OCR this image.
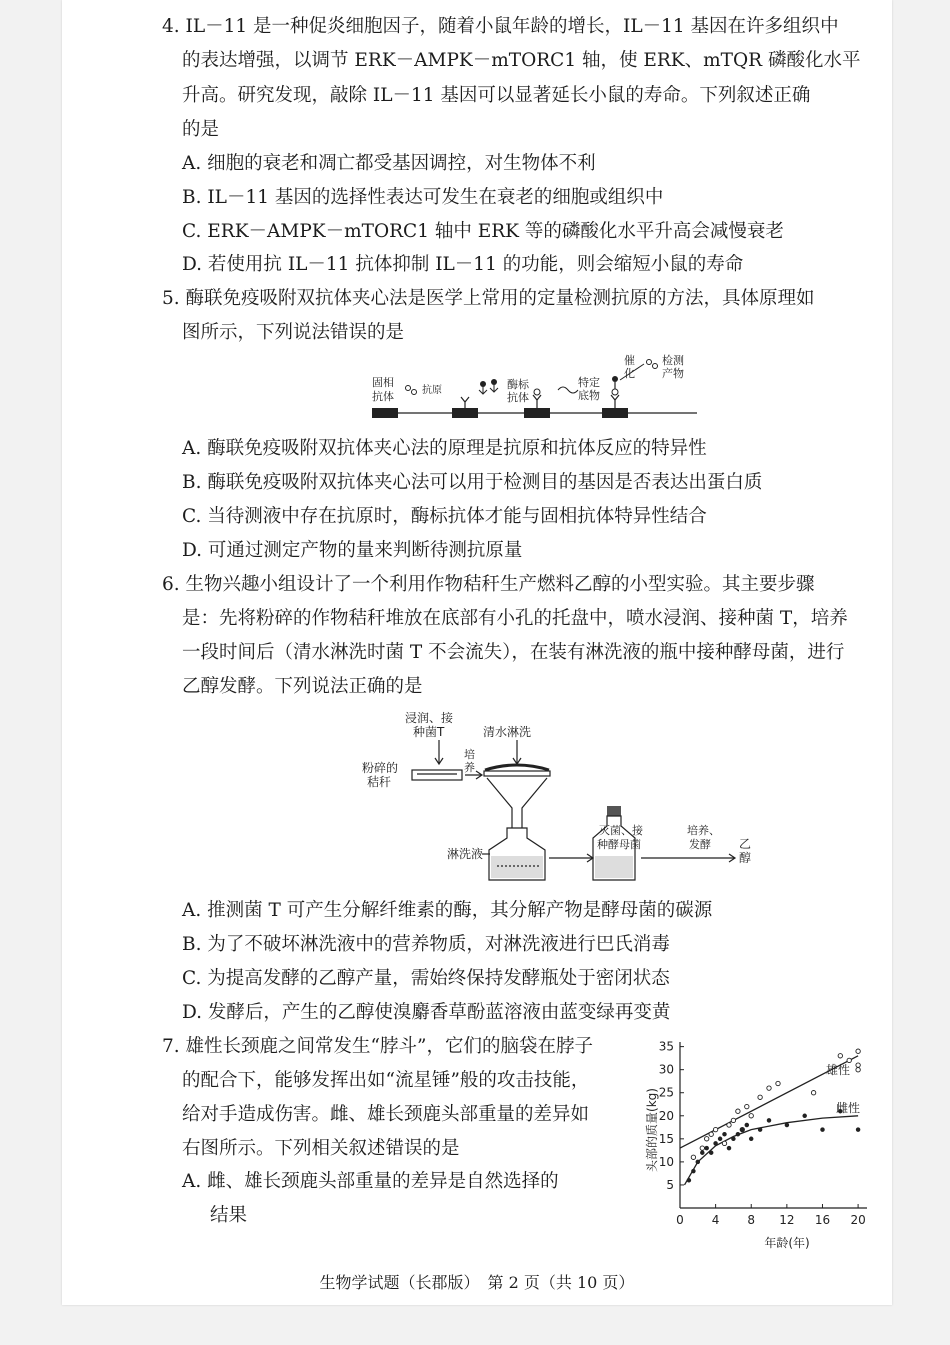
4. IL－11 是一种促炎细胞因子，随着小鼠年龄的增长，IL－11 基因在许多组织中
的表达增强，以调节 ERK－AMPK－mTORC1 轴，使 ERK、mTQR 磷酸化水平
升高。研究发现，敲除 IL－11 基因可以显著延长小鼠的寿命。下列叙述正确
的是
A. 细胞的衰老和凋亡都受基因调控，对生物体不利
B. IL－11 基因的选择性表达可发生在衰老的细胞或组织中
C. ERK－AMPK－mTORC1 轴中 ERK 等的磷酸化水平升高会减慢衰老
D. 若使用抗 IL－11 抗体抑制 IL－11 的功能，则会缩短小鼠的寿命
5. 酶联免疫吸附双抗体夹心法是医学上常用的定量检测抗原的方法，具体原理如
图所示，下列说法错误的是
固相
抗体	抗原	酶标
抗体
特定
底物
催
化
检测
产物
A. 酶联免疫吸附双抗体夹心法的原理是抗原和抗体反应的特异性
B. 酶联免疫吸附双抗体夹心法可以用于检测目的基因是否表达出蛋白质
C. 当待测液中存在抗原时，酶标抗体才能与固相抗体特异性结合
D. 可通过测定产物的量来判断待测抗原量
6. 生物兴趣小组设计了一个利用作物秸秆生产燃料乙醇的小型实验。其主要步骤
是：先将粉碎的作物秸秆堆放在底部有小孔的托盘中，喷水浸润、接种菌 T，培养
一段时间后（清水淋洗时菌 T 不会流失），在装有淋洗液的瓶中接种酵母菌，进行
乙醇发酵。下列说法正确的是
浸润、接
种菌T	清水淋洗
粉碎的
秸秆
培
养
淋洗液
灭菌、接
种酵母菌
培养、
发酵 乙
醇
A. 推测菌 T 可产生分解纤维素的酶，其分解产物是酵母菌的碳源
B. 为了不破坏淋洗液中的营养物质，对淋洗液进行巴氏消毒
C. 为提高发酵的乙醇产量，需始终保持发酵瓶处于密闭状态
D. 发酵后，产生的乙醇使溴麝香草酚蓝溶液由蓝变绿再变黄
7. 雄性长颈鹿之间常发生“脖斗”，它们的脑袋在脖子
的配合下，能够发挥出如“流星锤”般的攻击技能，
给对手造成伤害。雌、雄长颈鹿头部重量的差异如
右图所示。下列相关叙述错误的是
A. 雌、雄长颈鹿头部重量的差异是自然选择的
结果	0 4 8 12 16 20
5
10
15
20
25
30
35
头部的质量(kg)
年龄(年)
雄性
雌性
生物学试题（长郡版）　第 2 页（共 10 页）
